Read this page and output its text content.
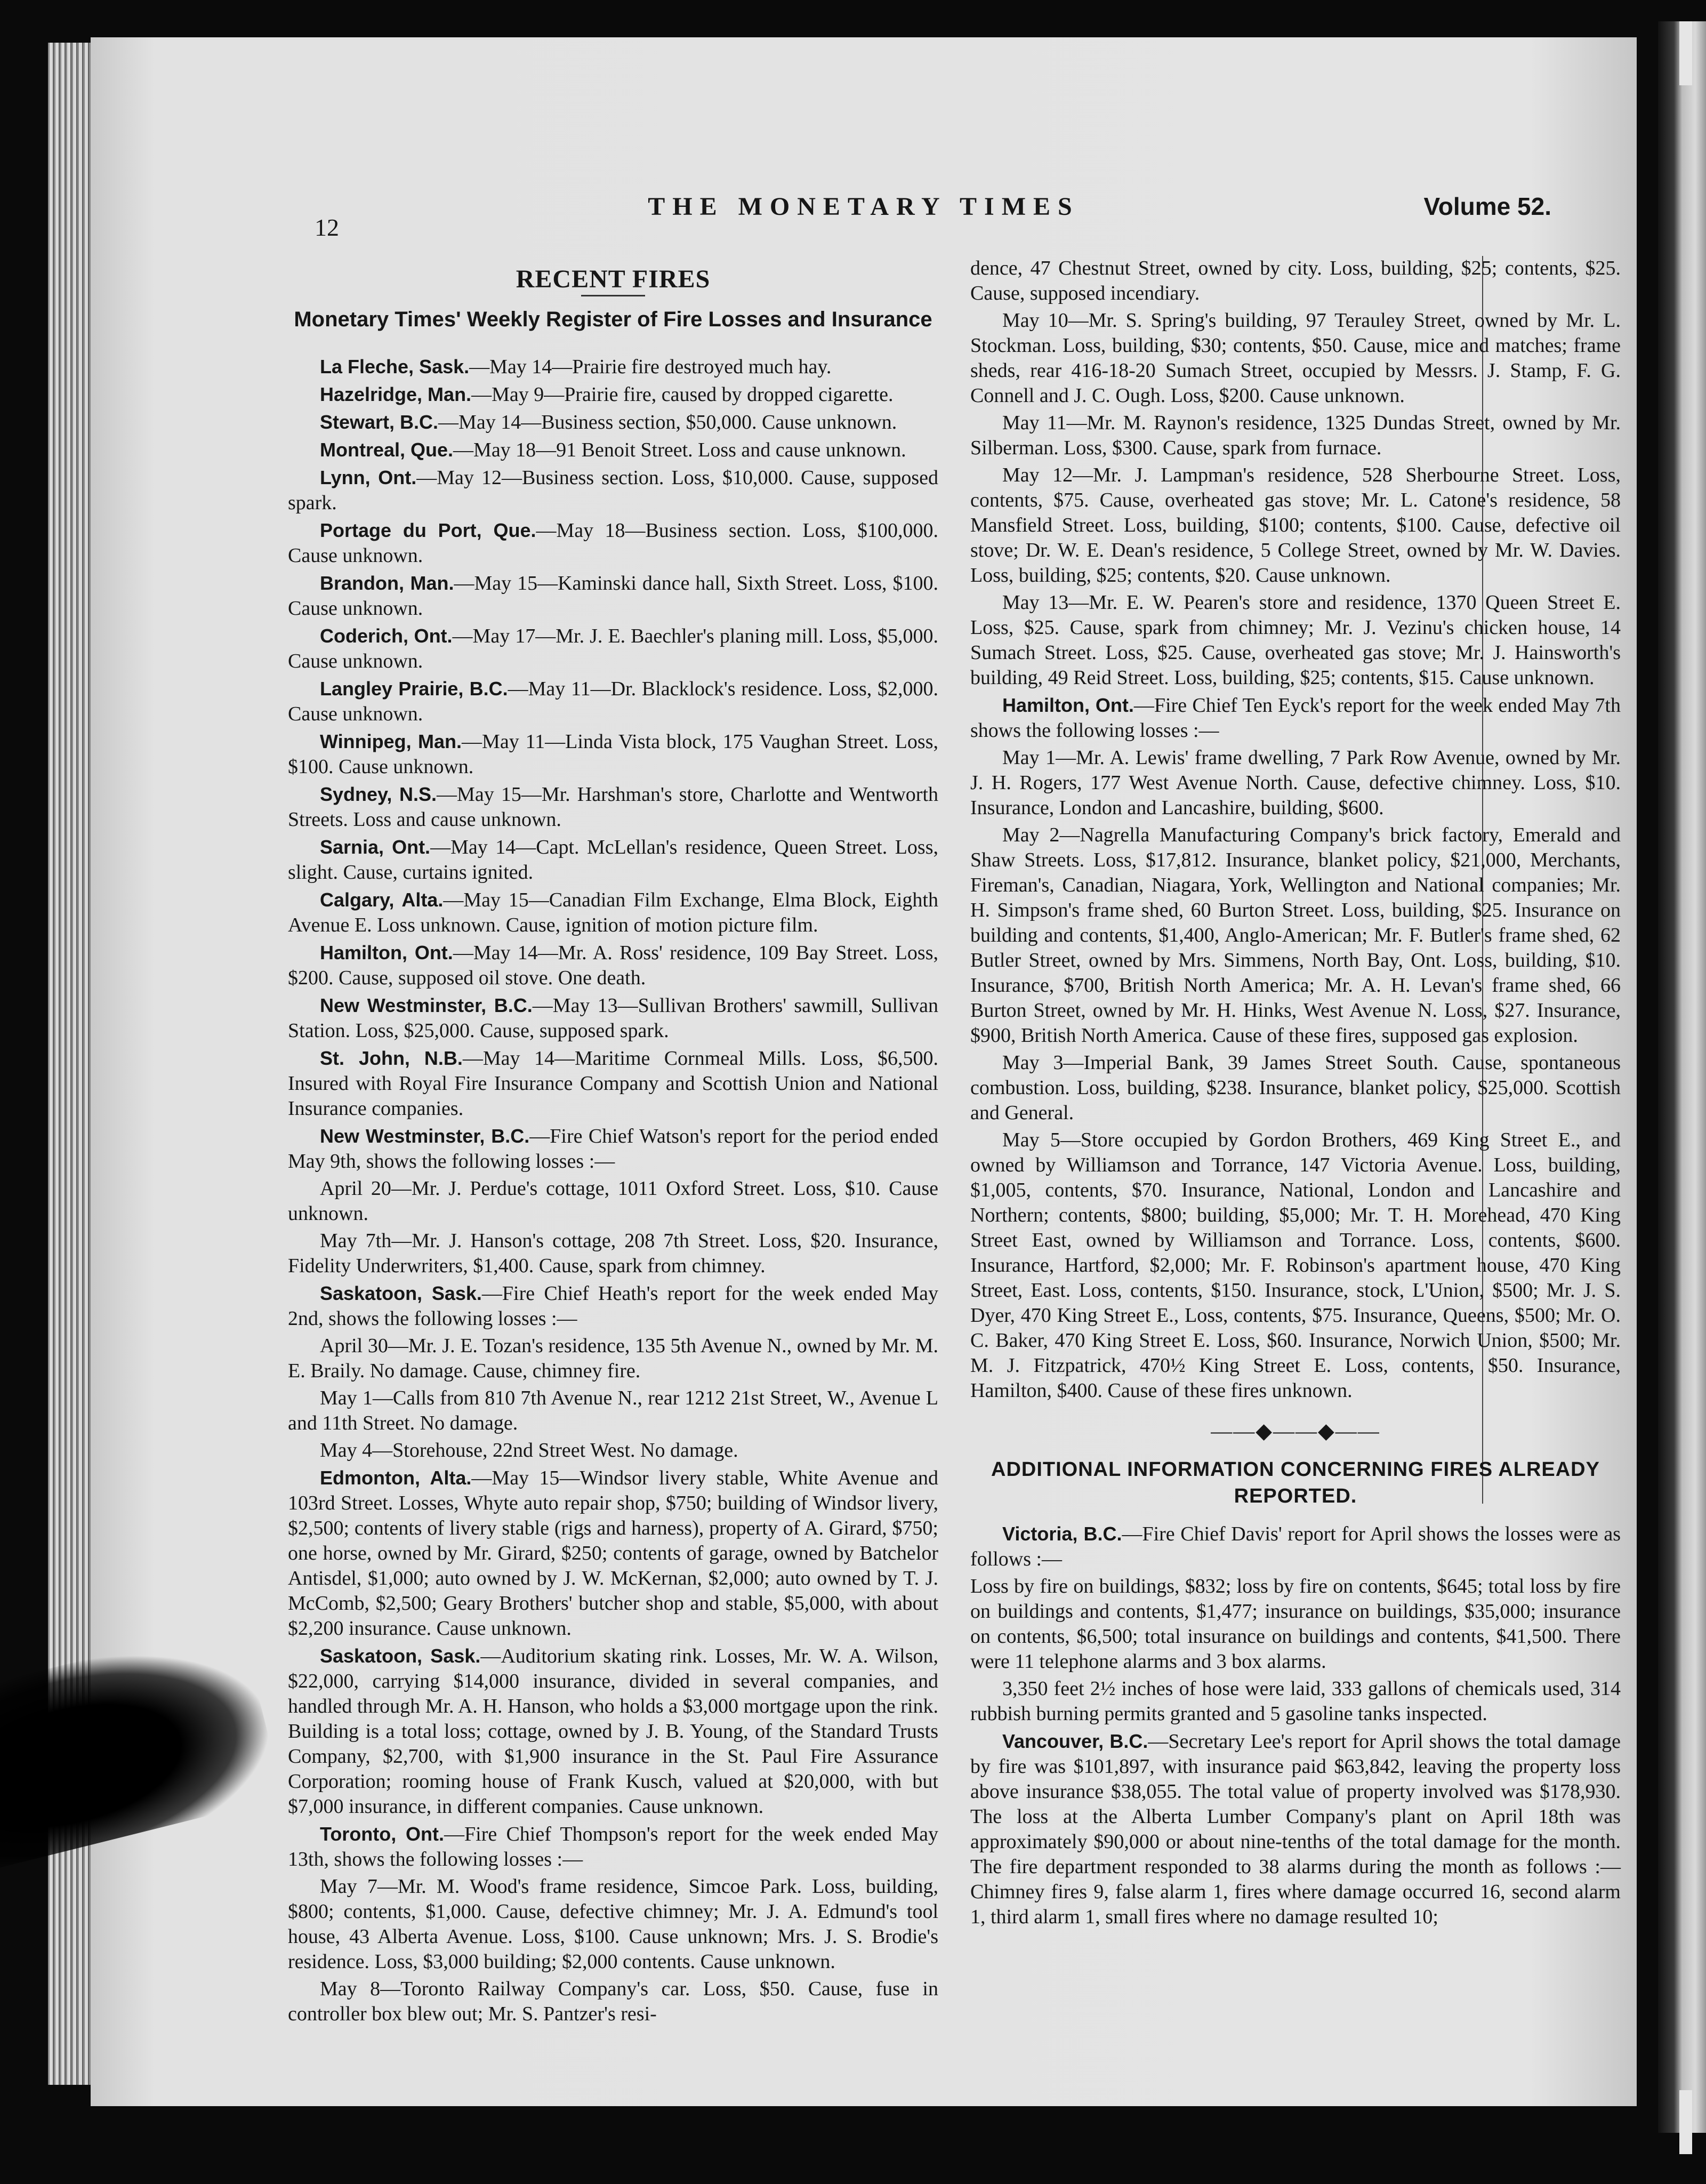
12
THE MONETARY TIMES	Volume 52.
RECENT FIRES
Monetary Times' Weekly Register of Fire Losses and Insurance

La Fleche, Sask.—May 14—Prairie fire destroyed much hay.

Hazelridge, Man.—May 9—Prairie fire, caused by dropped cigarette.

Stewart, B.C.—May 14—Business section, $50,000. Cause unknown.

Montreal, Que.—May 18—91 Benoit Street. Loss and cause unknown.

Lynn, Ont.—May 12—Business section. Loss, $10,000. Cause, supposed spark.

Portage du Port, Que.—May 18—Business section. Loss, $100,000. Cause unknown.

Brandon, Man.—May 15—Kaminski dance hall, Sixth Street. Loss, $100. Cause unknown.

Coderich, Ont.—May 17—Mr. J. E. Baechler's planing mill. Loss, $5,000. Cause unknown.

Langley Prairie, B.C.—May 11—Dr. Blacklock's residence. Loss, $2,000. Cause unknown.

Winnipeg, Man.—May 11—Linda Vista block, 175 Vaughan Street. Loss, $100. Cause unknown.

Sydney, N.S.—May 15—Mr. Harshman's store, Charlotte and Wentworth Streets. Loss and cause unknown.

Sarnia, Ont.—May 14—Capt. McLellan's residence, Queen Street. Loss, slight. Cause, curtains ignited.

Calgary, Alta.—May 15—Canadian Film Exchange, Elma Block, Eighth Avenue E. Loss unknown. Cause, ignition of motion picture film.

Hamilton, Ont.—May 14—Mr. A. Ross' residence, 109 Bay Street. Loss, $200. Cause, supposed oil stove. One death.

New Westminster, B.C.—May 13—Sullivan Brothers' sawmill, Sullivan Station. Loss, $25,000. Cause, supposed spark.

St. John, N.B.—May 14—Maritime Cornmeal Mills. Loss, $6,500. Insured with Royal Fire Insurance Company and Scottish Union and National Insurance companies.

New Westminster, B.C.—Fire Chief Watson's report for the period ended May 9th, shows the following losses :—

April 20—Mr. J. Perdue's cottage, 1011 Oxford Street. Loss, $10. Cause unknown.

May 7th—Mr. J. Hanson's cottage, 208 7th Street. Loss, $20. Insurance, Fidelity Underwriters, $1,400. Cause, spark from chimney.

Saskatoon, Sask.—Fire Chief Heath's report for the week ended May 2nd, shows the following losses :—

April 30—Mr. J. E. Tozan's residence, 135 5th Avenue N., owned by Mr. M. E. Braily. No damage. Cause, chimney fire.

May 1—Calls from 810 7th Avenue N., rear 1212 21st Street, W., Avenue L and 11th Street. No damage.

May 4—Storehouse, 22nd Street West. No damage.

Edmonton, Alta.—May 15—Windsor livery stable, White Avenue and 103rd Street. Losses, Whyte auto repair shop, $750; building of Windsor livery, $2,500; contents of livery stable (rigs and harness), property of A. Girard, $750; one horse, owned by Mr. Girard, $250; contents of garage, owned by Batchelor Antisdel, $1,000; auto owned by J. W. McKernan, $2,000; auto owned by T. J. McComb, $2,500; Geary Brothers' butcher shop and stable, $5,000, with about $2,200 insurance. Cause unknown.

Saskatoon, Sask.—Auditorium skating rink. Losses, Mr. W. A. Wilson, $22,000, carrying $14,000 insurance, divided in several companies, and handled through Mr. A. H. Hanson, who holds a $3,000 mortgage upon the rink. Building is a total loss; cottage, owned by J. B. Young, of the Standard Trusts Company, $2,700, with $1,900 insurance in the St. Paul Fire Assurance Corporation; rooming house of Frank Kusch, valued at $20,000, with but $7,000 insurance, in different companies. Cause unknown.

Toronto, Ont.—Fire Chief Thompson's report for the week ended May 13th, shows the following losses :—

May 7—Mr. M. Wood's frame residence, Simcoe Park. Loss, building, $800; contents, $1,000. Cause, defective chimney; Mr. J. A. Edmund's tool house, 43 Alberta Avenue. Loss, $100. Cause unknown; Mrs. J. S. Brodie's residence. Loss, $3,000 building; $2,000 contents. Cause unknown.

May 8—Toronto Railway Company's car. Loss, $50. Cause, fuse in controller box blew out; Mr. S. Pantzer's resi-

dence, 47 Chestnut Street, owned by city. Loss, building, $25; contents, $25. Cause, supposed incendiary.

May 10—Mr. S. Spring's building, 97 Terauley Street, owned by Mr. L. Stockman. Loss, building, $30; contents, $50. Cause, mice and matches; frame sheds, rear 416-18-20 Sumach Street, occupied by Messrs. J. Stamp, F. G. Connell and J. C. Ough. Loss, $200. Cause unknown.

May 11—Mr. M. Raynon's residence, 1325 Dundas Street, owned by Mr. Silberman. Loss, $300. Cause, spark from furnace.

May 12—Mr. J. Lampman's residence, 528 Sherbourne Street. Loss, contents, $75. Cause, overheated gas stove; Mr. L. Catone's residence, 58 Mansfield Street. Loss, building, $100; contents, $100. Cause, defective oil stove; Dr. W. E. Dean's residence, 5 College Street, owned by Mr. W. Davies. Loss, building, $25; contents, $20. Cause unknown.

May 13—Mr. E. W. Pearen's store and residence, 1370 Queen Street E. Loss, $25. Cause, spark from chimney; Mr. J. Vezinu's chicken house, 14 Sumach Street. Loss, $25. Cause, overheated gas stove; Mr. J. Hainsworth's building, 49 Reid Street. Loss, building, $25; contents, $15. Cause unknown.

Hamilton, Ont.—Fire Chief Ten Eyck's report for the week ended May 7th shows the following losses :—

May 1—Mr. A. Lewis' frame dwelling, 7 Park Row Avenue, owned by Mr. J. H. Rogers, 177 West Avenue North. Cause, defective chimney. Loss, $10. Insurance, London and Lancashire, building, $600.

May 2—Nagrella Manufacturing Company's brick factory, Emerald and Shaw Streets. Loss, $17,812. Insurance, blanket policy, $21,000, Merchants, Fireman's, Canadian, Niagara, York, Wellington and National companies; Mr. H. Simpson's frame shed, 60 Burton Street. Loss, building, $25. Insurance on building and contents, $1,400, Anglo-American; Mr. F. Butler's frame shed, 62 Butler Street, owned by Mrs. Simmens, North Bay, Ont. Loss, building, $10. Insurance, $700, British North America; Mr. A. H. Levan's frame shed, 66 Burton Street, owned by Mr. H. Hinks, West Avenue N. Loss, $27. Insurance, $900, British North America. Cause of these fires, supposed gas explosion.

May 3—Imperial Bank, 39 James Street South. Cause, spontaneous combustion. Loss, building, $238. Insurance, blanket policy, $25,000. Scottish and General.

May 5—Store occupied by Gordon Brothers, 469 King Street E., and owned by Williamson and Torrance, 147 Victoria Avenue. Loss, building, $1,005, contents, $70. Insurance, National, London and Lancashire and Northern; contents, $800; building, $5,000; Mr. T. H. Morehead, 470 King Street East, owned by Williamson and Torrance. Loss, contents, $600. Insurance, Hartford, $2,000; Mr. F. Robinson's apartment house, 470 King Street, East. Loss, contents, $150. Insurance, stock, L'Union, $500; Mr. J. S. Dyer, 470 King Street E., Loss, contents, $75. Insurance, Queens, $500; Mr. O. C. Baker, 470 King Street E. Loss, $60. Insurance, Norwich Union, $500; Mr. M. J. Fitzpatrick, 470½ King Street E. Loss, contents, $50. Insurance, Hamilton, $400. Cause of these fires unknown.

——◆——◆——
ADDITIONAL INFORMATION CONCERNING FIRES ALREADY REPORTED.

Victoria, B.C.—Fire Chief Davis' report for April shows the losses were as follows :—

Loss by fire on buildings, $832; loss by fire on contents, $645; total loss by fire on buildings and contents, $1,477; insurance on buildings, $35,000; insurance on contents, $6,500; total insurance on buildings and contents, $41,500. There were 11 telephone alarms and 3 box alarms.

3,350 feet 2½ inches of hose were laid, 333 gallons of chemicals used, 314 rubbish burning permits granted and 5 gasoline tanks inspected.

Vancouver, B.C.—Secretary Lee's report for April shows the total damage by fire was $101,897, with insurance paid $63,842, leaving the property loss above insurance $38,055. The total value of property involved was $178,930. The loss at the Alberta Lumber Company's plant on April 18th was approximately $90,000 or about nine-tenths of the total damage for the month. The fire department responded to 38 alarms during the month as follows :—Chimney fires 9, false alarm 1, fires where damage occurred 16, second alarm 1, third alarm 1, small fires where no damage resulted 10;
